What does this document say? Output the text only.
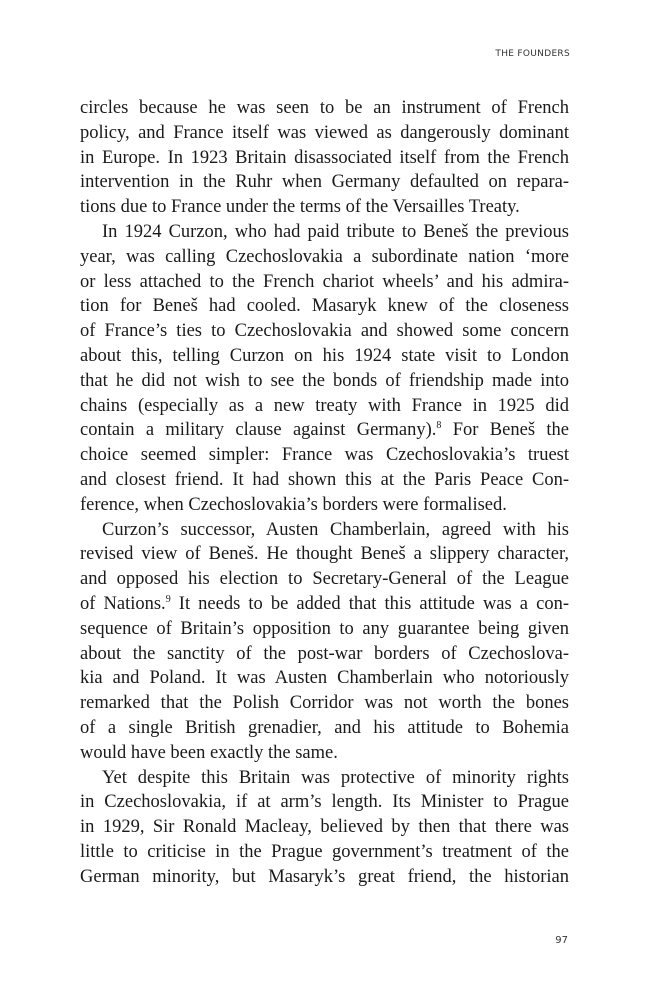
THE FOUNDERS
circles because he was seen to be an instrument of French
policy, and France itself was viewed as dangerously dominant
in Europe. In 1923 Britain disassociated itself from the French
intervention in the Ruhr when Germany defaulted on repara-
tions due to France under the terms of the Versailles Treaty.
In 1924 Curzon, who had paid tribute to Beneš the previous
year, was calling Czechoslovakia a subordinate nation ‘more
or less attached to the French chariot wheels’ and his admira-
tion for Beneš had cooled. Masaryk knew of the closeness
of France’s ties to Czechoslovakia and showed some concern
about this, telling Curzon on his 1924 state visit to London
that he did not wish to see the bonds of friendship made into
chains (especially as a new treaty with France in 1925 did
contain a military clause against Germany).$^8$ For Beneš the
choice seemed simpler: France was Czechoslovakia’s truest
and closest friend. It had shown this at the Paris Peace Con-
ference, when Czechoslovakia’s borders were formalised.
Curzon’s successor, Austen Chamberlain, agreed with his
revised view of Beneš. He thought Beneš a slippery character,
and opposed his election to Secretary-General of the League
of Nations.$^9$ It needs to be added that this attitude was a con-
sequence of Britain’s opposition to any guarantee being given
about the sanctity of the post-war borders of Czechoslova-
kia and Poland. It was Austen Chamberlain who notoriously
remarked that the Polish Corridor was not worth the bones
of a single British grenadier, and his attitude to Bohemia
would have been exactly the same.
Yet despite this Britain was protective of minority rights
in Czechoslovakia, if at arm’s length. Its Minister to Prague
in 1929, Sir Ronald Macleay, believed by then that there was
little to criticise in the Prague government’s treatment of the
German minority, but Masaryk’s great friend, the historian
97
